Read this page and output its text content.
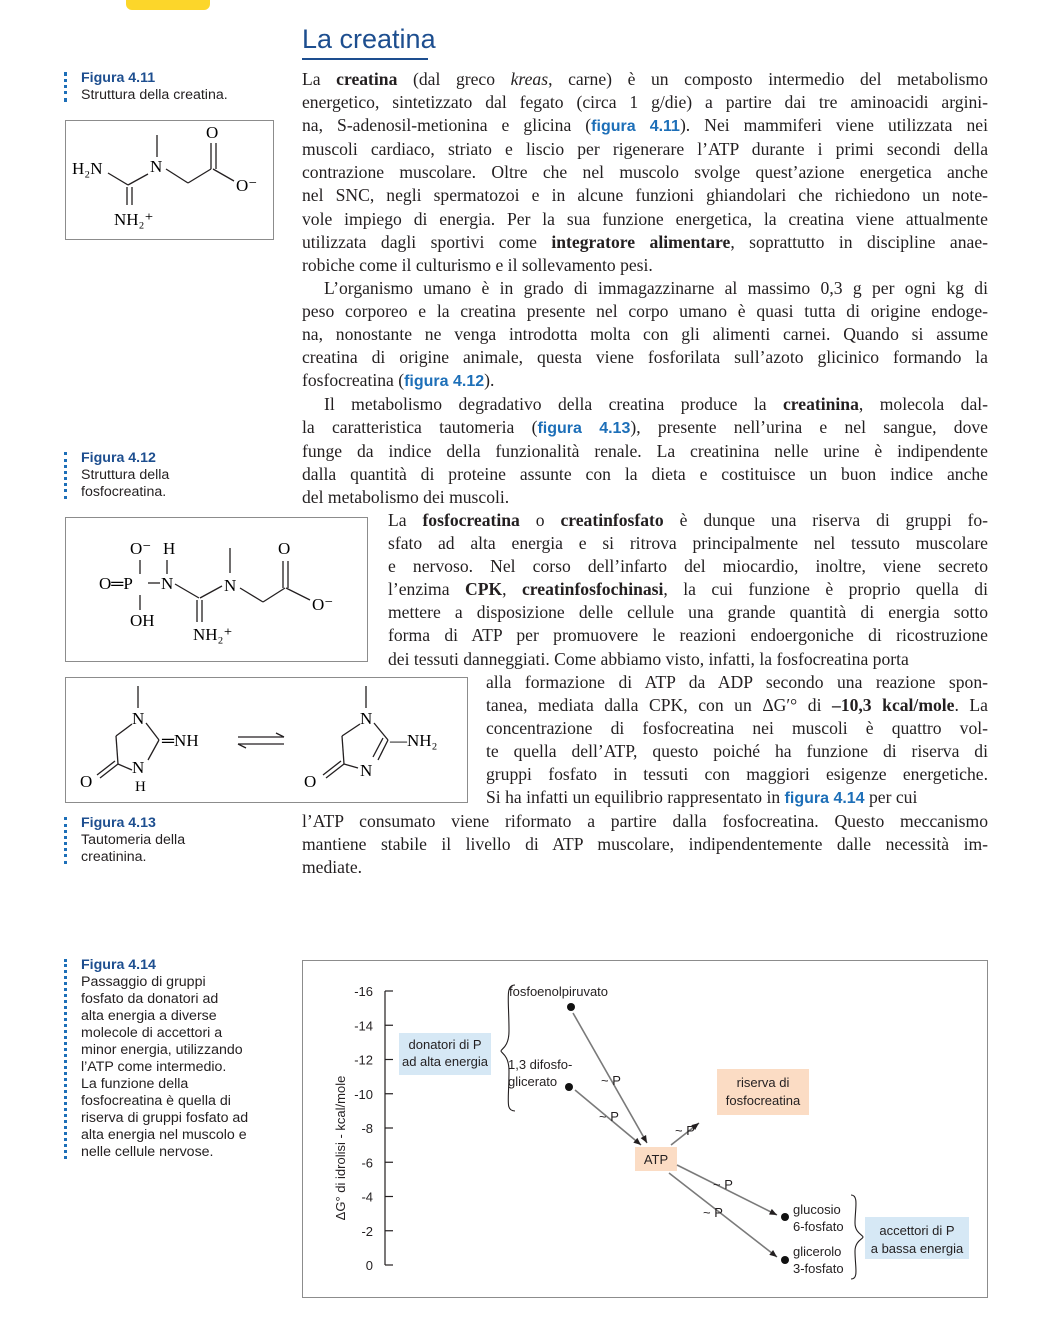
La creatina
Figura 4.11
Struttura della creatina.
H₂N
NH₂⁺
N
O
O⁻
La creatina (dal greco kreas, carne) è un composto intermedio del metabolismo
energetico, sintetizzato dal fegato (circa 1 g/die) a partire dai tre aminoacidi argini-
na, S-adenosil-metionina e glicina (figura 4.11). Nei mammiferi viene utilizzata nei
muscoli cardiaco, striato e liscio per rigenerare l’ATP durante i primi secondi della
contrazione muscolare. Oltre che nel muscolo svolge quest’azione energetica anche
nel SNC, negli spermatozoi e in alcune funzioni ghiandolari che richiedono un note-
vole impiego di energia. Per la sua funzione energetica, la creatina viene attualmente
utilizzata dagli sportivi come integratore alimentare, soprattutto in discipline anae-
robiche come il culturismo e il sollevamento pesi.
L’organismo umano è in grado di immagazzinarne al massimo 0,3 g per ogni kg di
peso corporeo e la creatina presente nel corpo umano è quasi tutta di origine endoge-
na, nonostante ne venga introdotta molta con gli alimenti carnei. Quando si assume
creatina di origine animale, questa viene fosforilata sull’azoto glicinico formando la
fosfocreatina (figura 4.12).
Il metabolismo degradativo della creatina produce la creatinina, molecola dal-
la caratteristica tautomeria (figura 4.13), presente nell’urina e nel sangue, dove
funge da indice della funzionalità renale. La creatinina nelle urine è indipendente
dalla quantità di proteine assunte con la dieta e costituisce un buon indice anche
del metabolismo dei muscoli.
La fosfocreatina o creatinfosfato è dunque una riserva di gruppi fo-
sfato ad alta energia e si ritrova principalmente nel tessuto muscolare
e nervoso. Nel corso dell’infarto del miocardio, inoltre, viene secreto
l’enzima CPK, creatinfosfochinasi, la cui funzione è proprio quella di
mettere a disposizione delle cellule una grande quantità di energia sotto
forma di ATP per promuovere le reazioni endoergoniche di ricostruzione
dei tessuti danneggiati. Come abbiamo visto, infatti, la fosfocreatina porta
alla formazione di ATP da ADP secondo una reazione spon-
tanea, mediata dalla CPK, con un ΔG′° di –10,3 kcal/mole. La
concentrazione di fosfocreatina nei muscoli è quattro vol-
te quella dell’ATP, questo poiché ha funzione di riserva di
gruppi fosfato in tessuti con maggiori esigenze energetiche.
Si ha infatti un equilibrio rappresentato in figura 4.14 per cui
l’ATP consumato viene riformato a partire dalla fosfocreatina. Questo meccanismo
mantiene stabile il livello di ATP muscolare, indipendentemente dalle necessità im-
mediate.
Figura 4.12
Struttura della
fosfocreatina.
O⁻ H
O═P N
OH
NH₂⁺
N
O
O⁻
N
N
H
O
═NH
N
N
O
—NH₂
Figura 4.13
Tautomeria della
creatinina.
Figura 4.14
Passaggio di gruppi
fosfato da donatori ad
alta energia a diverse
molecole di accettori a
minor energia, utilizzando
l’ATP come intermedio.
La funzione della
fosfocreatina è quella di
riserva di gruppi fosfato ad
alta energia nel muscolo e
nelle cellule nervose.
-16
-14
-12
-10
-8
-6
-4
-2
0
ΔG° di idrolisi - kcal/mole
donatori di P
ad alta energia
riserva di
fosfocreatina
accettori di P
a bassa energia
ATP
fosfoenolpiruvato
1,3 difosfo-
glicerato
glucosio
6-fosfato
glicerolo
3-fosfato
~ P
~ P
~ P
~ P
~ P
